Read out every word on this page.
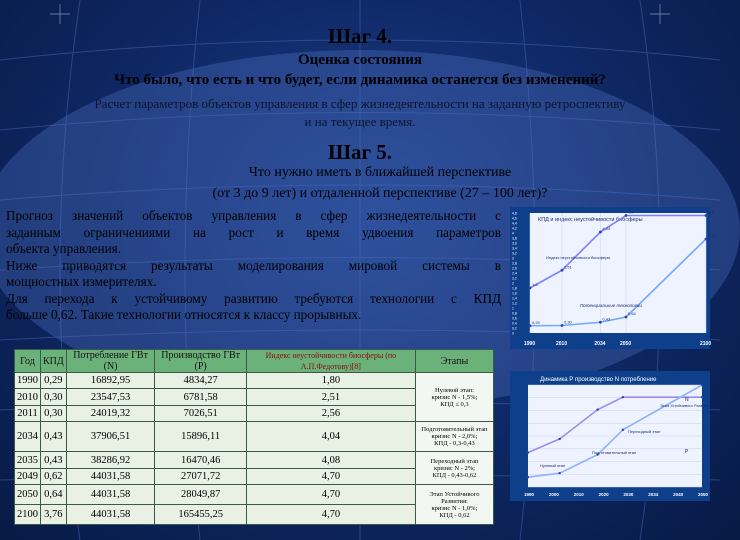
Шаг 4.
Оценка состояния
Что было, что есть и что будет, если динамика останется без изменений?
Расчет параметров объектов управления в сфер жизнедеятельности на заданную ретроспективу
и на текущее время.
Шаг 5.
Что нужно иметь в ближайшей перспективе
(от 3 до 9 лет) и отдаленной перспективе (27 – 100 лет)?
Прогноз значений объектов управления в сфер жизнедеятельности с
заданным ограничениями на рост и время удвоения параметров
объекта управления.
Ниже приводятся результаты моделирования мировой системы в
мощностных измерителях.
Для перехода к устойчивому развитию требуются технологии с КПД
больше 0,62. Такие технологии относятся к классу прорывных.
КПД и индекс неустойчивости биосферы
1,8
2,51
4,04
4,7	4,7
0,29	0,30
0,43
0,64
3,76
1990	2010	2034	2050	2100
0
0,2
0,4
0,6
0,8
1
1,2
1,4
1,6
1,8
2
2,2
2,4
2,6
2,8
3
3,2
3,4
3,6
3,8
4
4,2
4,4
4,6
4,8
Индекс неустойчивости биосферы
Потенциальные технологии
Динамика Р производство N потребление
1990	2000	2010	2020	2030	2034	2040	2050
Нулевой этап
Переходный этап
Подготовительный этап
Этап Устойчивого Развития
N
P
Год	КПД	Потребление ГВт (N)	Производство ГВт (P)	Индекс неустойчивости биосферы (по А.П.Федотову)[8]	Этапы
1990	0,29	16892,95	4834,27	1,80	Нулевой этап:
кризис N - 1,5%;
КПД ≤ 0,3

2010	0,30	23547,53	6781,58	2,51	
2011	0,30	24019,32	7026,51	2,56	
2034	0,43	37906,51	15896,11	4,04	Подготовительный этап
кризис N - 2,0%;
КПД - 0,3-0,43

2035	0,43	38286,92	16470,46	4,08	Переходный этап
кризис N - 2%;
КПД - 0,43-0,62

2049	0,62	44031,58	27071,72	4,70	
2050	0,64	44031,58	28049,87	4,70	Этап Устойчивого Развития:
кризис N - 1,0%;
КПД - 0,62

2100	3,76	44031,58	165455,25	4,70	
